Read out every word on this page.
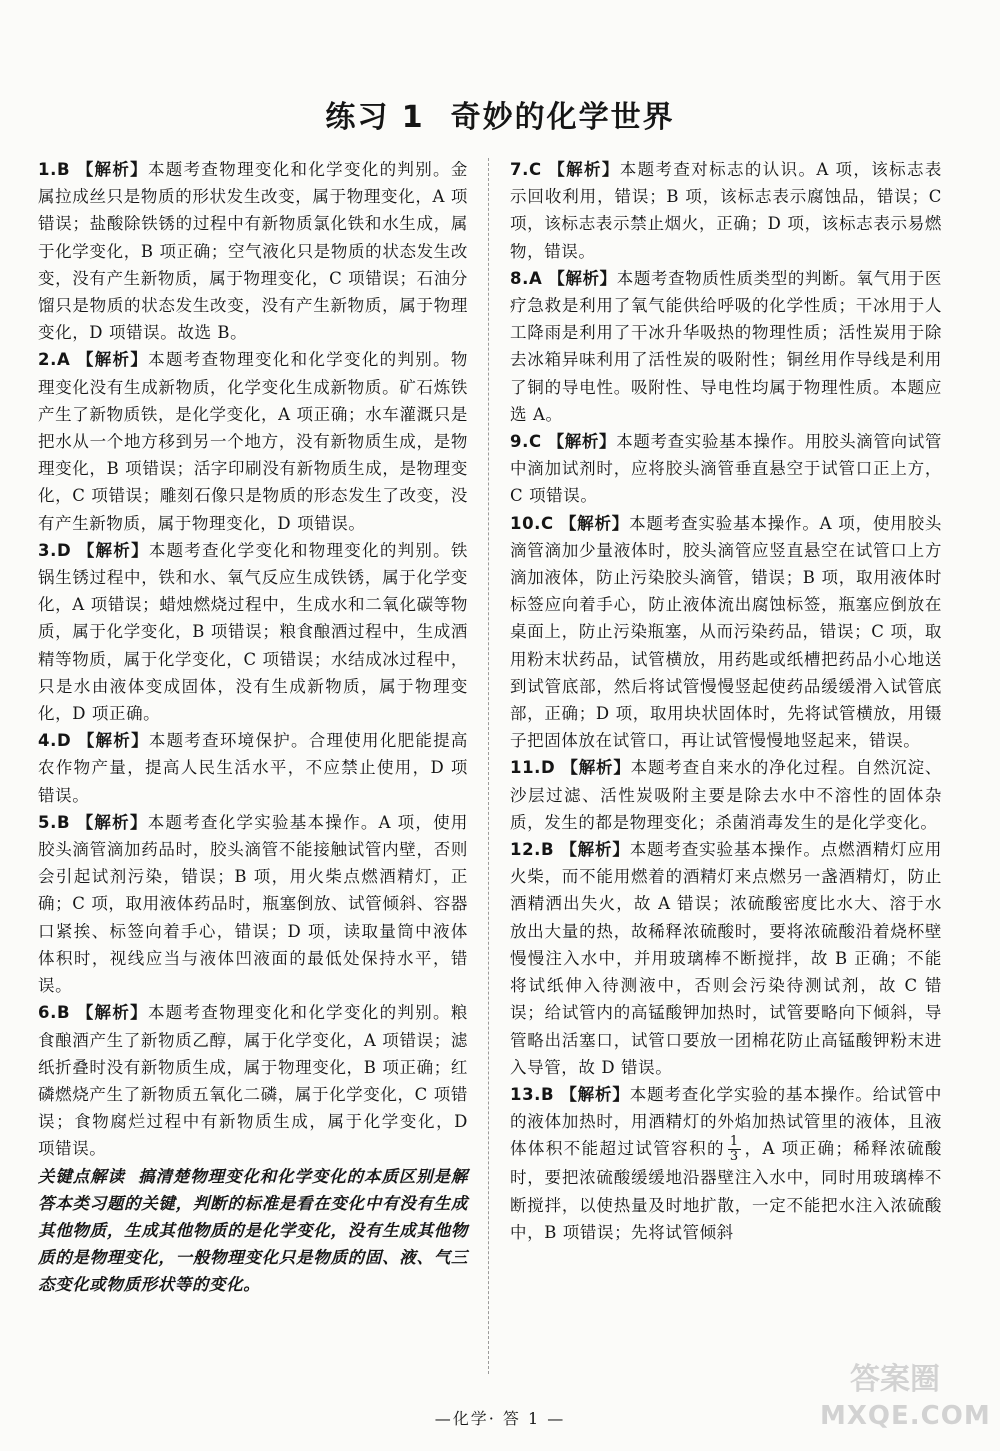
练习 1 奇妙的化学世界

1.B 【解析】本题考查物理变化和化学变化的判别。金属拉成丝只是物质的形状发生改变，属于物理变化，A 项错误；盐酸除铁锈的过程中有新物质氯化铁和水生成，属于化学变化，B 项正确；空气液化只是物质的状态发生改变，没有产生新物质，属于物理变化，C 项错误；石油分馏只是物质的状态发生改变，没有产生新物质，属于物理变化，D 项错误。故选 B。

2.A 【解析】本题考查物理变化和化学变化的判别。物理变化没有生成新物质，化学变化生成新物质。矿石炼铁产生了新物质铁，是化学变化，A 项正确；水车灌溉只是把水从一个地方移到另一个地方，没有新物质生成，是物理变化，B 项错误；活字印刷没有新物质生成，是物理变化，C 项错误；雕刻石像只是物质的形态发生了改变，没有产生新物质，属于物理变化，D 项错误。

3.D 【解析】本题考查化学变化和物理变化的判别。铁锅生锈过程中，铁和水、氧气反应生成铁锈，属于化学变化，A 项错误；蜡烛燃烧过程中，生成水和二氧化碳等物质，属于化学变化，B 项错误；粮食酿酒过程中，生成酒精等物质，属于化学变化，C 项错误；水结成冰过程中，只是水由液体变成固体，没有生成新物质，属于物理变化，D 项正确。

4.D 【解析】本题考查环境保护。合理使用化肥能提高农作物产量，提高人民生活水平，不应禁止使用，D 项错误。

5.B 【解析】本题考查化学实验基本操作。A 项，使用胶头滴管滴加药品时，胶头滴管不能接触试管内壁，否则会引起试剂污染，错误；B 项，用火柴点燃酒精灯，正确；C 项，取用液体药品时，瓶塞倒放、试管倾斜、容器口紧挨、标签向着手心，错误；D 项，读取量筒中液体体积时，视线应当与液体凹液面的最低处保持水平，错误。

6.B 【解析】本题考查物理变化和化学变化的判别。粮食酿酒产生了新物质乙醇，属于化学变化，A 项错误；滤纸折叠时没有新物质生成，属于物理变化，B 项正确；红磷燃烧产生了新物质五氧化二磷，属于化学变化，C 项错误；食物腐烂过程中有新物质生成，属于化学变化，D 项错误。

关键点解读 搞清楚物理变化和化学变化的本质区别是解答本类习题的关键，判断的标准是看在变化中有没有生成其他物质，生成其他物质的是化学变化，没有生成其他物质的是物理变化，一般物理变化只是物质的固、液、气三态变化或物质形状等的变化。

7.C 【解析】本题考查对标志的认识。A 项，该标志表示回收利用，错误；B 项，该标志表示腐蚀品，错误；C 项，该标志表示禁止烟火，正确；D 项，该标志表示易燃物，错误。

8.A 【解析】本题考查物质性质类型的判断。氧气用于医疗急救是利用了氧气能供给呼吸的化学性质；干冰用于人工降雨是利用了干冰升华吸热的物理性质；活性炭用于除去冰箱异味利用了活性炭的吸附性；铜丝用作导线是利用了铜的导电性。吸附性、导电性均属于物理性质。本题应选 A。

9.C 【解析】本题考查实验基本操作。用胶头滴管向试管中滴加试剂时，应将胶头滴管垂直悬空于试管口正上方，C 项错误。

10.C 【解析】本题考查实验基本操作。A 项，使用胶头滴管滴加少量液体时，胶头滴管应竖直悬空在试管口上方滴加液体，防止污染胶头滴管，错误；B 项，取用液体时标签应向着手心，防止液体流出腐蚀标签，瓶塞应倒放在桌面上，防止污染瓶塞，从而污染药品，错误；C 项，取用粉末状药品，试管横放，用药匙或纸槽把药品小心地送到试管底部，然后将试管慢慢竖起使药品缓缓滑入试管底部，正确；D 项，取用块状固体时，先将试管横放，用镊子把固体放在试管口，再让试管慢慢地竖起来，错误。

11.D 【解析】本题考查自来水的净化过程。自然沉淀、沙层过滤、活性炭吸附主要是除去水中不溶性的固体杂质，发生的都是物理变化；杀菌消毒发生的是化学变化。

12.B 【解析】本题考查实验基本操作。点燃酒精灯应用火柴，而不能用燃着的酒精灯来点燃另一盏酒精灯，防止酒精洒出失火，故 A 错误；浓硫酸密度比水大、溶于水放出大量的热，故稀释浓硫酸时，要将浓硫酸沿着烧杯壁慢慢注入水中，并用玻璃棒不断搅拌，故 B 正确；不能将试纸伸入待测液中，否则会污染待测试剂，故 C 错误；给试管内的高锰酸钾加热时，试管要略向下倾斜，导管略出活塞口，试管口要放一团棉花防止高锰酸钾粉末进入导管，故 D 错误。

13.B 【解析】本题考查化学实验的基本操作。给试管中的液体加热时，用酒精灯的外焰加热试管里的液体，且液体体积不能超过试管容积的 $\frac{1}{3}$ ，A 项正确；稀释浓硫酸时，要把浓硫酸缓缓地沿器壁注入水中，同时用玻璃棒不断搅拌，以使热量及时地扩散，一定不能把水注入浓硫酸中，B 项错误；先将试管倾斜

答案圈
MXQE.COM
—化学· 答 1 —
